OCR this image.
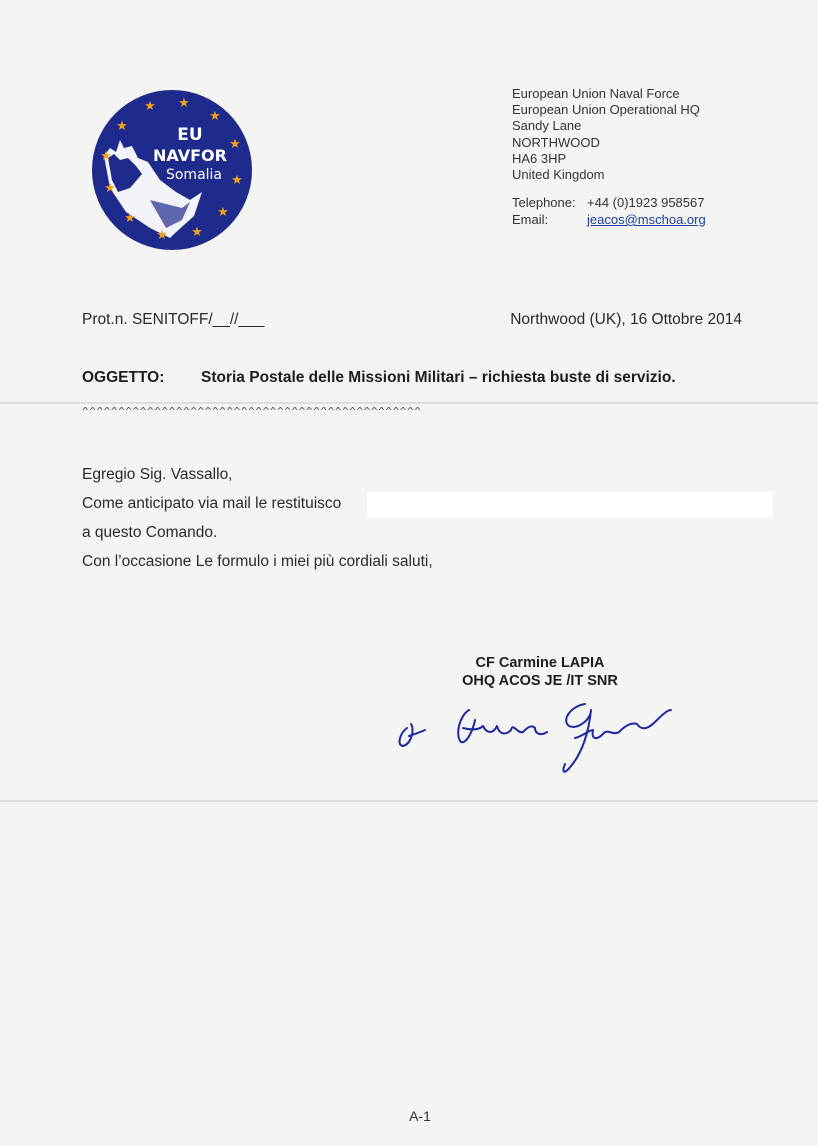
★ ★
★
★
★
★
★
★
★
★
★
★	EU
NAVFOR
Somalia
European Union Naval Force
European Union Operational HQ
Sandy Lane
NORTHWOOD
HA6 3HP
United Kingdom
Telephone: +44 (0)1923 958567
Email:	jeacos@mschoa.org
Prot.n. SENITOFF/__//___	Northwood (UK), 16 Ottobre 2014
OGGETTO:	Storia Postale delle Missioni Militari – richiesta buste di servizio.
^^^^^^^^^^^^^^^^^^^^^^^^^^^^^^^^^^^^^^^^^^^^^^^
Egregio Sig. Vassallo,
Come anticipato via mail le restituisco
a questo Comando.
Con l’occasione Le formulo i miei più cordiali saluti,
CF Carmine LAPIA
OHQ ACOS JE /IT SNR
A-1
